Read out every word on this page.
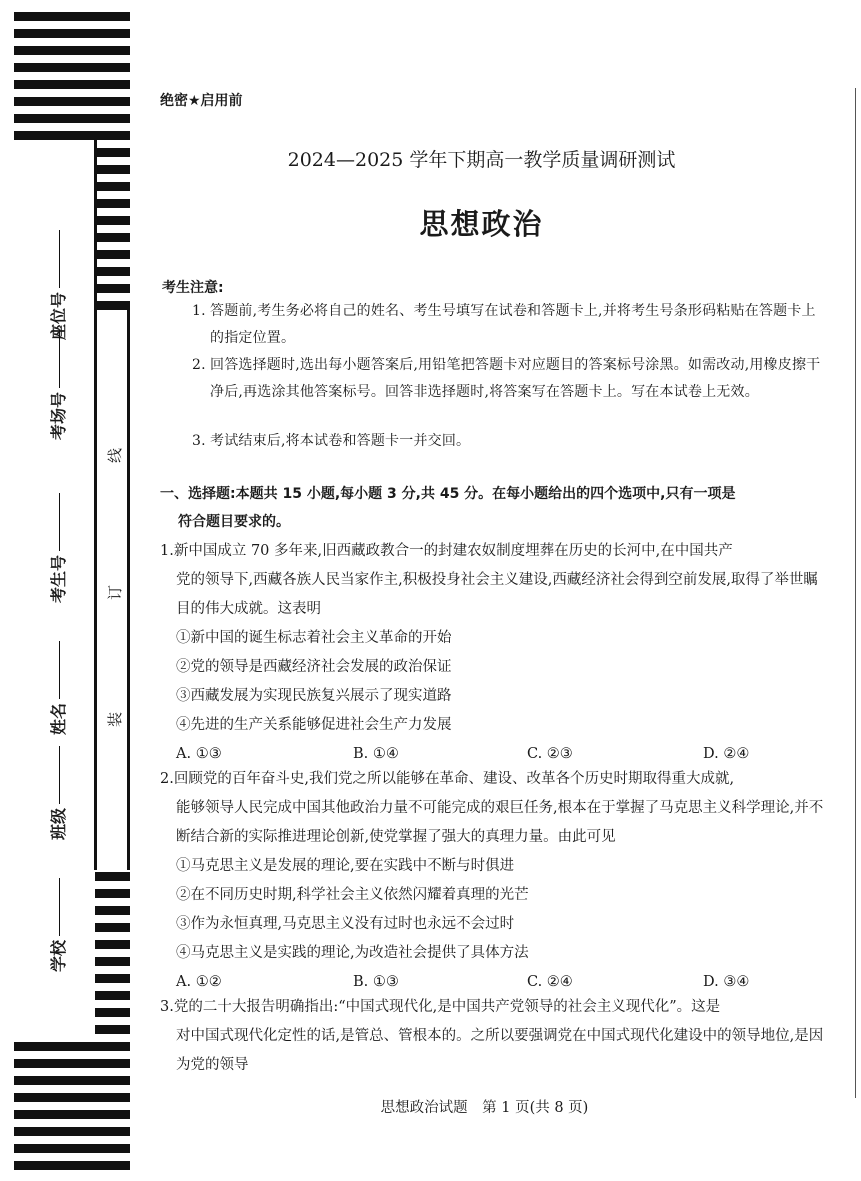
座位号
考场号
考生号
姓名
班级
学校
线
订
装
绝密★启用前
2024—2025 学年下期高一教学质量调研测试
思想政治
考生注意:
1. 答题前,考生务必将自己的姓名、考生号填写在试卷和答题卡上,并将考生号条形码粘贴在答题卡上的指定位置。
2. 回答选择题时,选出每小题答案后,用铅笔把答题卡对应题目的答案标号涂黑。如需改动,用橡皮擦干净后,再选涂其他答案标号。回答非选择题时,将答案写在答题卡上。写在本试卷上无效。
3. 考试结束后,将本试卷和答题卡一并交回。
一、选择题:本题共 15 小题,每小题 3 分,共 45 分。在每小题给出的四个选项中,只有一项是
符合题目要求的。
1.新中国成立 70 多年来,旧西藏政教合一的封建农奴制度埋葬在历史的长河中,在中国共产
党的领导下,西藏各族人民当家作主,积极投身社会主义建设,西藏经济社会得到空前发展,取得了举世瞩目的伟大成就。这表明
①新中国的诞生标志着社会主义革命的开始
②党的领导是西藏经济社会发展的政治保证
③西藏发展为实现民族复兴展示了现实道路
④先进的生产关系能够促进社会生产力发展
A. ①③	B. ①④	C. ②③	D. ②④
2.回顾党的百年奋斗史,我们党之所以能够在革命、建设、改革各个历史时期取得重大成就,
能够领导人民完成中国其他政治力量不可能完成的艰巨任务,根本在于掌握了马克思主义科学理论,并不断结合新的实际推进理论创新,使党掌握了强大的真理力量。由此可见
①马克思主义是发展的理论,要在实践中不断与时俱进
②在不同历史时期,科学社会主义依然闪耀着真理的光芒
③作为永恒真理,马克思主义没有过时也永远不会过时
④马克思主义是实践的理论,为改造社会提供了具体方法
A. ①②	B. ①③	C. ②④	D. ③④
3.党的二十大报告明确指出:“中国式现代化,是中国共产党领导的社会主义现代化”。这是
对中国式现代化定性的话,是管总、管根本的。之所以要强调党在中国式现代化建设中的领导地位,是因为党的领导
思想政治试题　第 1 页(共 8 页)
